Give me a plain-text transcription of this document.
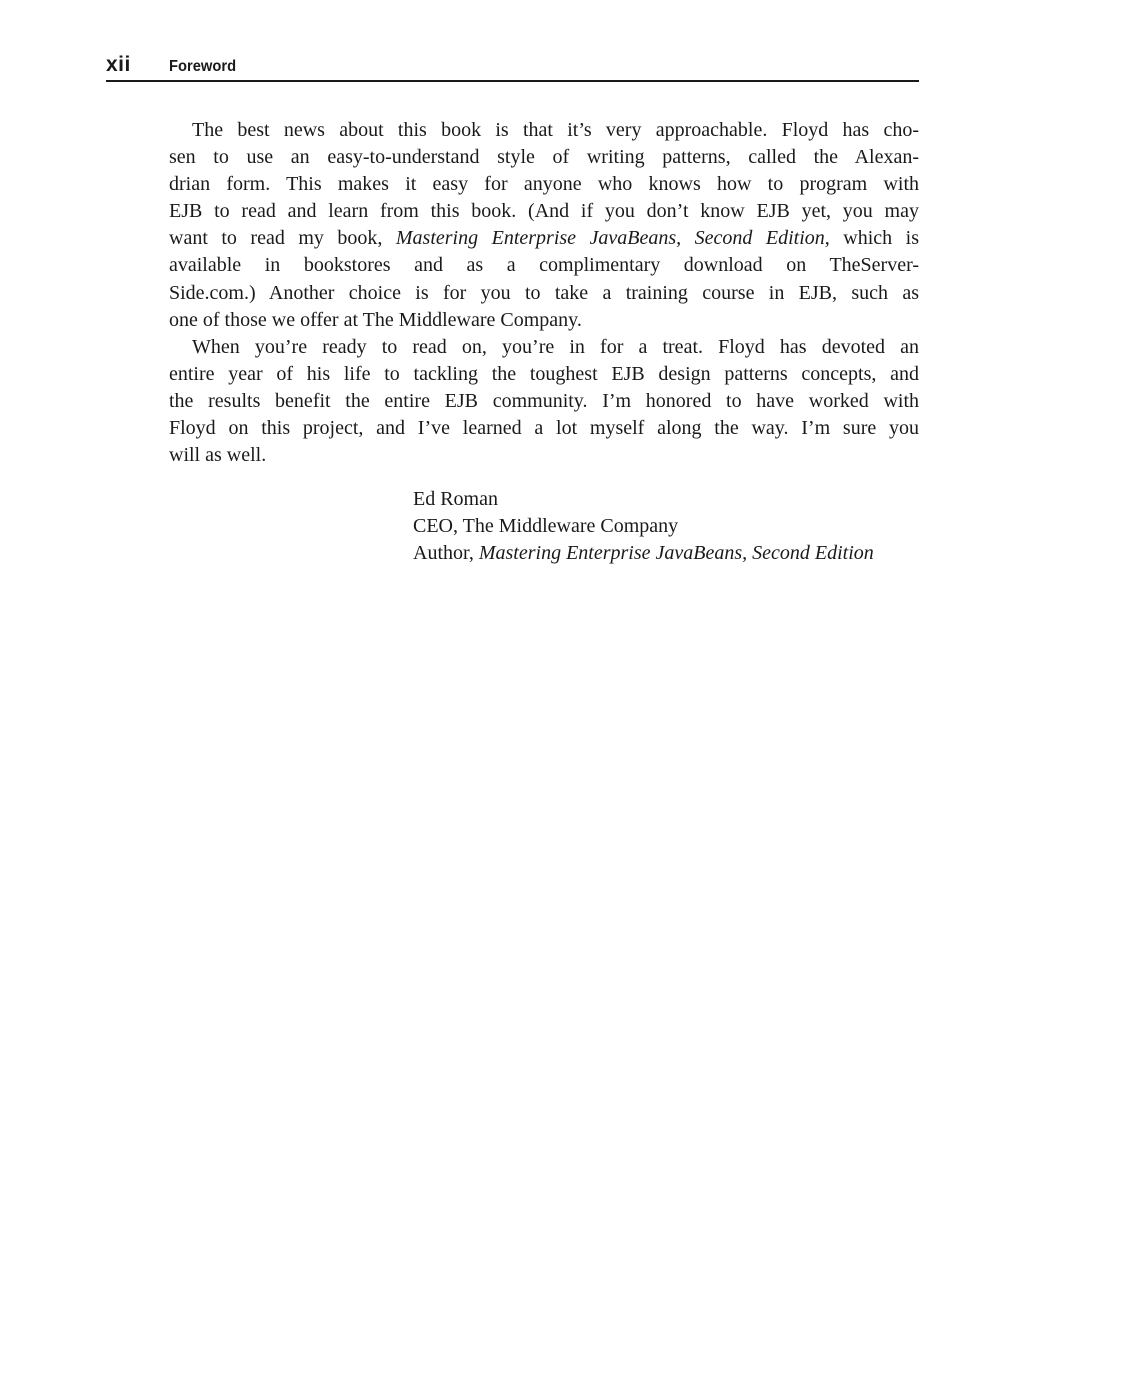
xii Foreword

The best news about this book is that it’s very approachable. Floyd has cho-
sen to use an easy-to-understand style of writing patterns, called the Alexan-
drian form. This makes it easy for anyone who knows how to program with
EJB to read and learn from this book. (And if you don’t know EJB yet, you may
want to read my book, Mastering Enterprise JavaBeans, Second Edition, which is
available in bookstores and as a complimentary download on TheServer-
Side.com.) Another choice is for you to take a training course in EJB, such as
one of those we offer at The Middleware Company.

When you’re ready to read on, you’re in for a treat. Floyd has devoted an
entire year of his life to tackling the toughest EJB design patterns concepts, and
the results benefit the entire EJB community. I’m honored to have worked with
Floyd on this project, and I’ve learned a lot myself along the way. I’m sure you
will as well.

Ed Roman
CEO, The Middleware Company
Author, Mastering Enterprise JavaBeans, Second Edition
